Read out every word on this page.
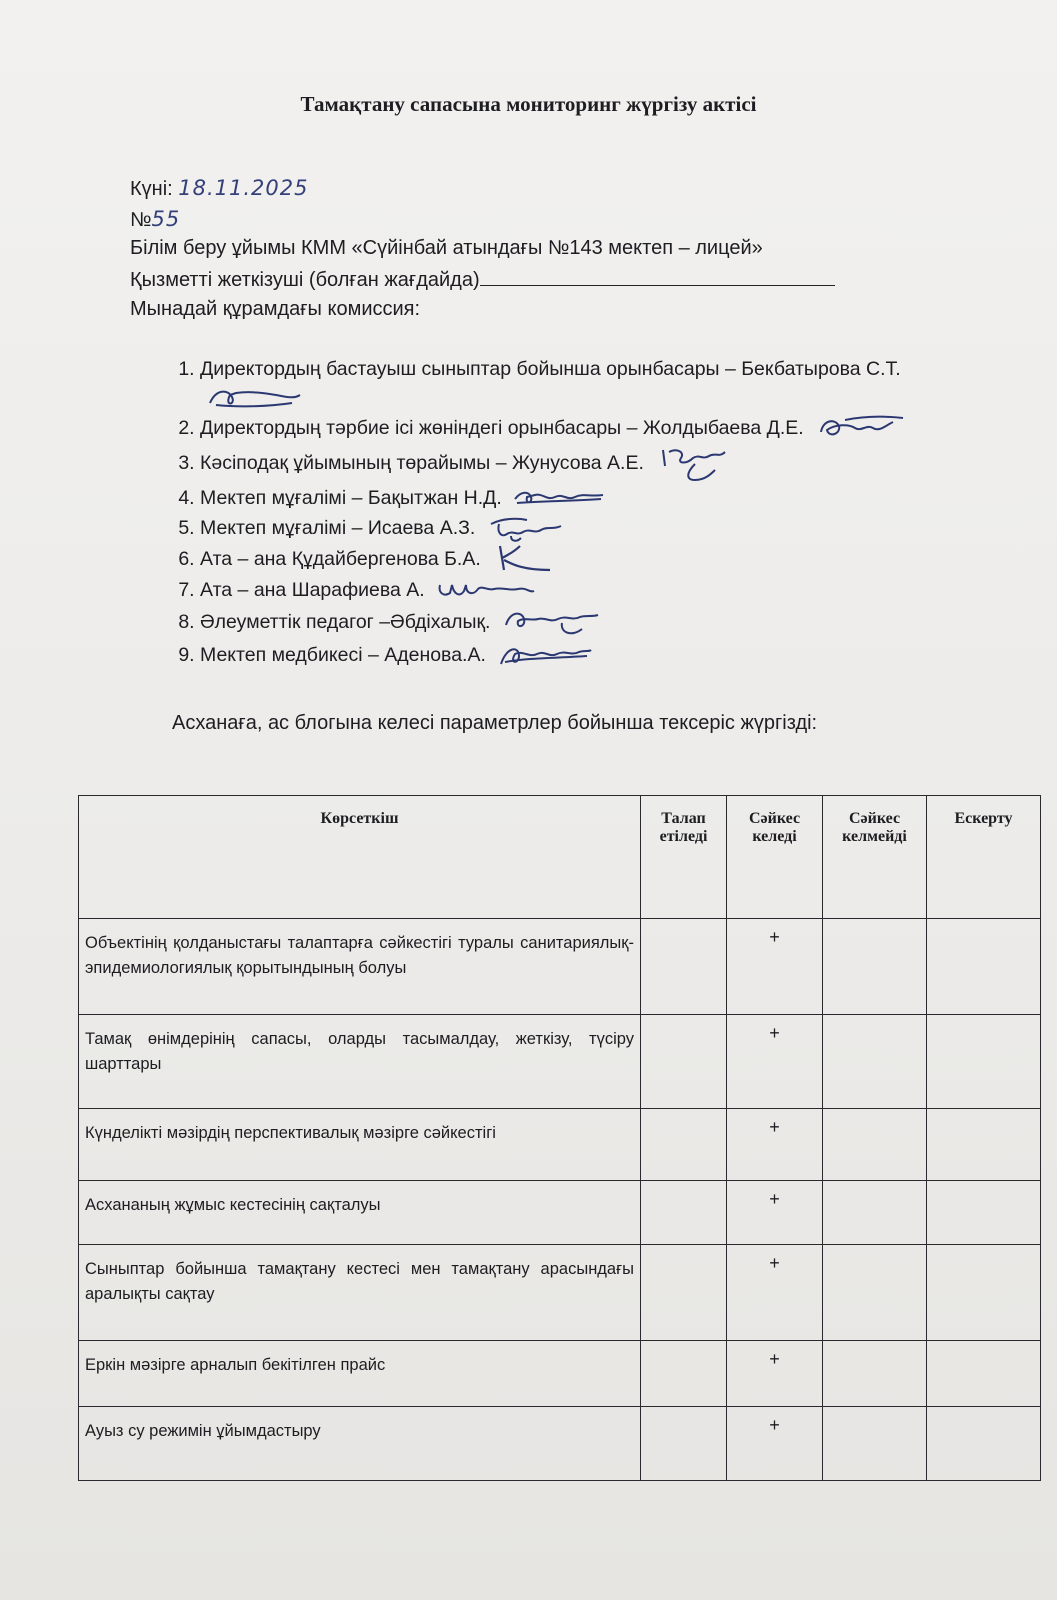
Тамақтану сапасына мониторинг жүргізу актісі
Күні: 18.11.2025
№55
Білім беру ұйымы КММ «Сүйінбай атындағы №143 мектеп – лицей»
Қызметті жеткізуші (болған жағдайда)
Мынадай құрамдағы комиссия:
1. Директордың бастауыш сыныптар бойынша орынбасары – Бекбатырова С.Т.
2. Директордың тәрбие ісі жөніндегі орынбасары – Жолдыбаева Д.Е.
3. Кәсіподақ ұйымының төрайымы – Жунусова А.Е.
4. Мектеп мұғалімі – Бақытжан Н.Д.
5. Мектеп мұғалімі – Исаева А.З.
6. Ата – ана Құдайбергенова Б.А.
7. Ата – ана Шарафиева А.
8. Әлеуметтік педагог –Әбдіхалық.
9. Мектеп медбикесі – Аденова.А.
Асханаға, ас блогына келесі параметрлер бойынша тексеріс жүргізді:
Көрсеткіш	Талап етіледі	Сәйкес келеді	Сәйкес келмейді	Ескерту
Объектінің қолданыстағы талаптарға сәйкестігі туралы санитариялық-эпидемиологиялық қорытындының болуы		+		
Тамақ өнімдерінің сапасы, оларды тасымалдау, жеткізу, түсіру шарттары		+		
Күнделікті мәзірдің перспективалық мәзірге сәйкестігі		+		
Асхананың жұмыс кестесінің сақталуы		+		
Сыныптар бойынша тамақтану кестесі мен тамақтану арасындағы аралықты сақтау		+		
Еркін мәзірге арналып бекітілген прайс		+		
Ауыз су режимін ұйымдастыру		+		
